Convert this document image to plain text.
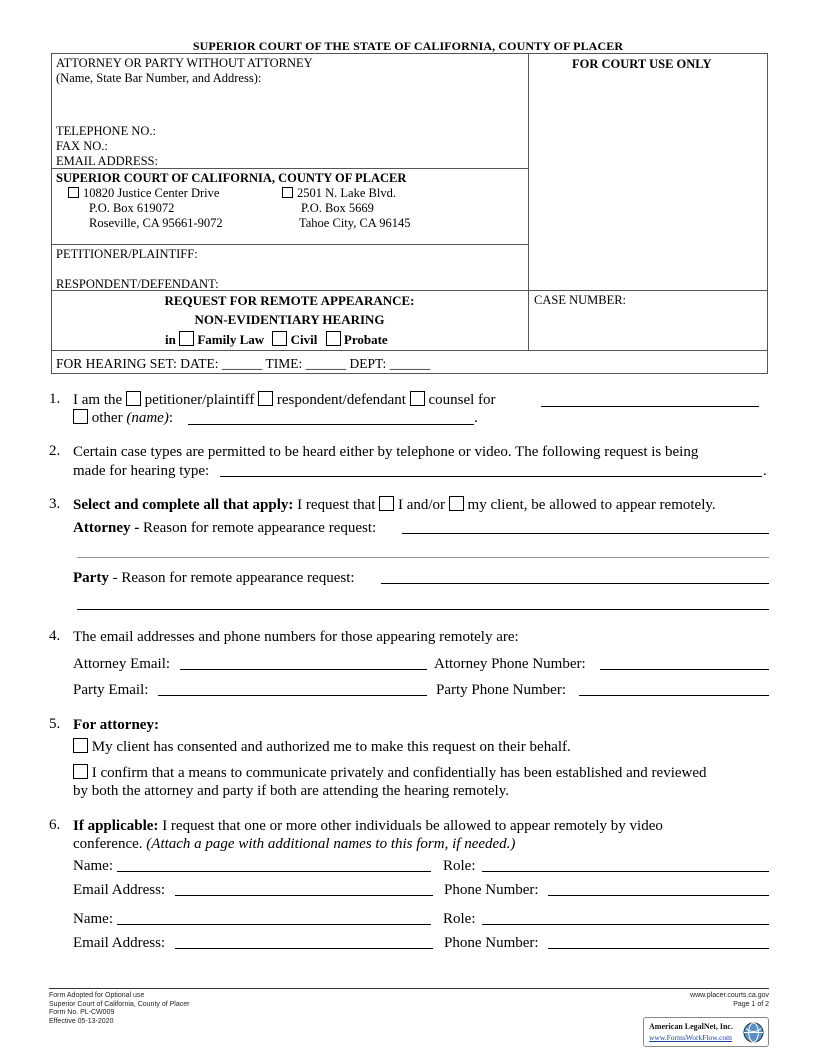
SUPERIOR COURT OF THE STATE OF CALIFORNIA, COUNTY OF PLACER
ATTORNEY OR PARTY WITHOUT ATTORNEY
(Name, State Bar Number, and Address):
FOR COURT USE ONLY
TELEPHONE NO.:
FAX NO.:
EMAIL ADDRESS:
SUPERIOR COURT OF CALIFORNIA, COUNTY OF PLACER
10820 Justice Center Drive
P.O. Box 619072
Roseville, CA 95661-9072
2501 N. Lake Blvd.
P.O. Box 5669
Tahoe City, CA 96145
PETITIONER/PLAINTIFF:
RESPONDENT/DEFENDANT:
REQUEST FOR REMOTE APPEARANCE:
NON-EVIDENTIARY HEARING
in Family Law Civil Probate
CASE NUMBER:
FOR HEARING SET: DATE: ______ TIME: ______ DEPT: ______
1. I am the petitioner/plaintiff respondent/defendant counsel for
other (name):	.
2. Certain case types are permitted to be heard either by telephone or video. The following request is being
made for hearing type:	.
3. Select and complete all that apply: I request that I and/or my client, be allowed to appear remotely.
Attorney - Reason for remote appearance request:
Party - Reason for remote appearance request:
4. The email addresses and phone numbers for those appearing remotely are:
Attorney Email:	Attorney Phone Number:
Party Email:	Party Phone Number:
5. For attorney:
My client has consented and authorized me to make this request on their behalf.
I confirm that a means to communicate privately and confidentially has been established and reviewed
by both the attorney and party if both are attending the hearing remotely.
6. If applicable: I request that one or more other individuals be allowed to appear remotely by video
conference. (Attach a page with additional names to this form, if needed.)
Name:	Role:
Email Address:	Phone Number:
Name:	Role:
Email Address:	Phone Number:
Form Adopted for Optional use
Superior Court of California, County of Placer
Form No. PL-CW009
Effective 05-13-2020
www.placer.courts.ca.gov
Page 1 of 2
American LegalNet, Inc.
www.FormsWorkFlow.com
